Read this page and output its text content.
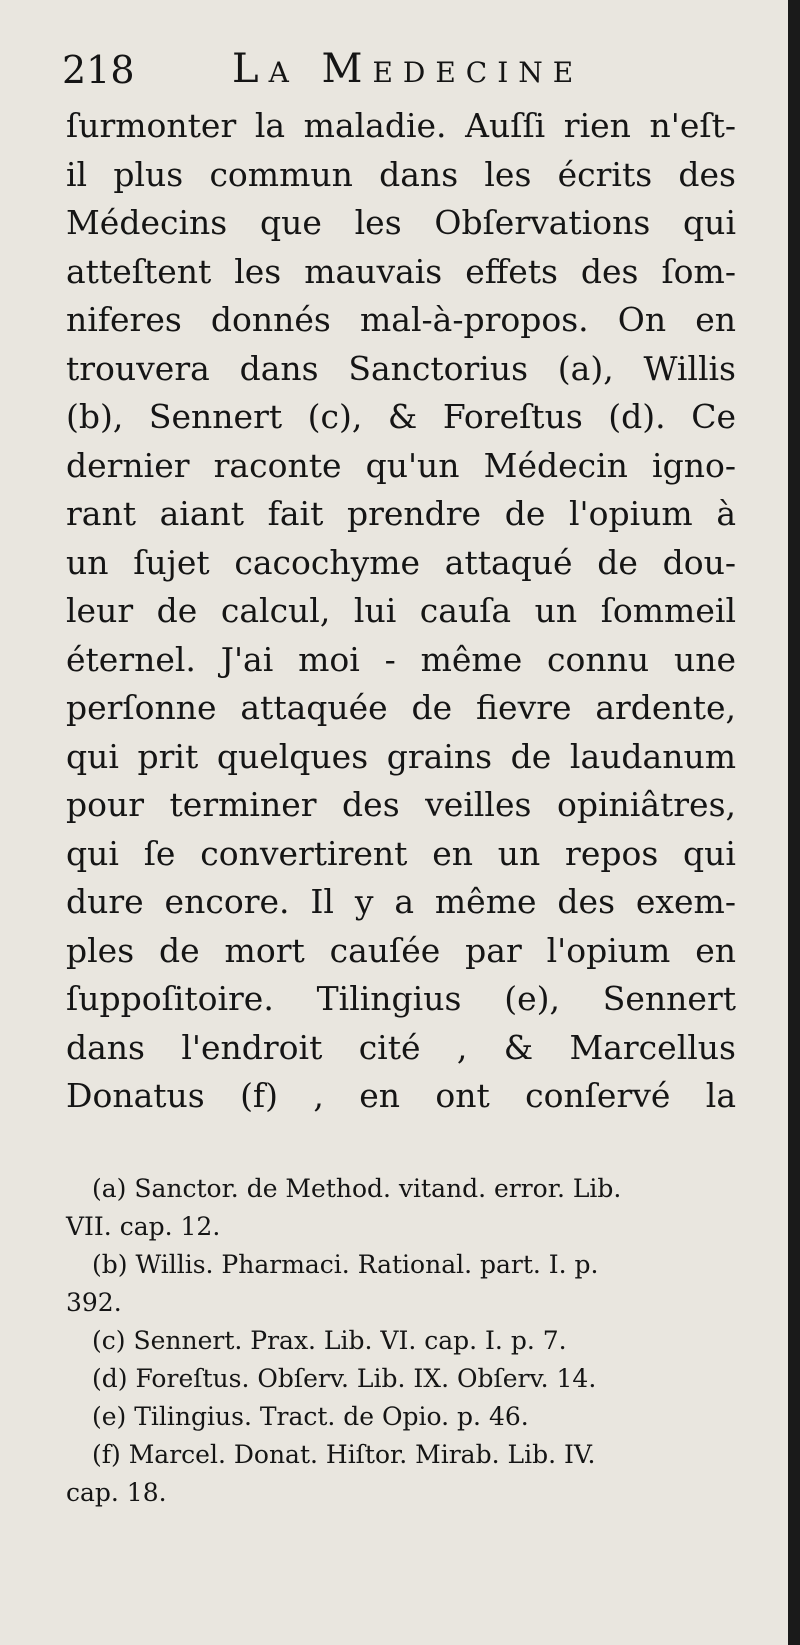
218 La Medecine
ſurmonter la maladie. Auſſi rien n'eſt-
il plus commun dans les écrits des
Médecins que les Obſervations qui
atteſtent les mauvais effets des ſom-
niferes donnés mal-à-propos. On en
trouvera dans Sanctorius (a), Willis
(b), Sennert (c), & Foreſtus (d). Ce
dernier raconte qu'un Médecin igno-
rant aiant fait prendre de l'opium à
un ſujet cacochyme attaqué de dou-
leur de calcul, lui cauſa un ſommeil
éternel. J'ai moi - même connu une
perſonne attaquée de fievre ardente,
qui prit quelques grains de laudanum
pour terminer des veilles opiniâtres,
qui ſe convertirent en un repos qui
dure encore. Il y a même des exem-
ples de mort cauſée par l'opium en
ſuppoſitoire. Tilingius (e), Sennert
dans l'endroit cité , & Marcellus
Donatus (f) , en ont conſervé la
(a) Sanctor. de Method. vitand. error. Lib.
VII. cap. 12.
(b) Willis. Pharmaci. Rational. part. I. p.
392.
(c) Sennert. Prax. Lib. VI. cap. I. p. 7.
(d) Foreſtus. Obſerv. Lib. IX. Obſerv. 14.
(e) Tilingius. Tract. de Opio. p. 46.
(f) Marcel. Donat. Hiſtor. Mirab. Lib. IV.
cap. 18.
